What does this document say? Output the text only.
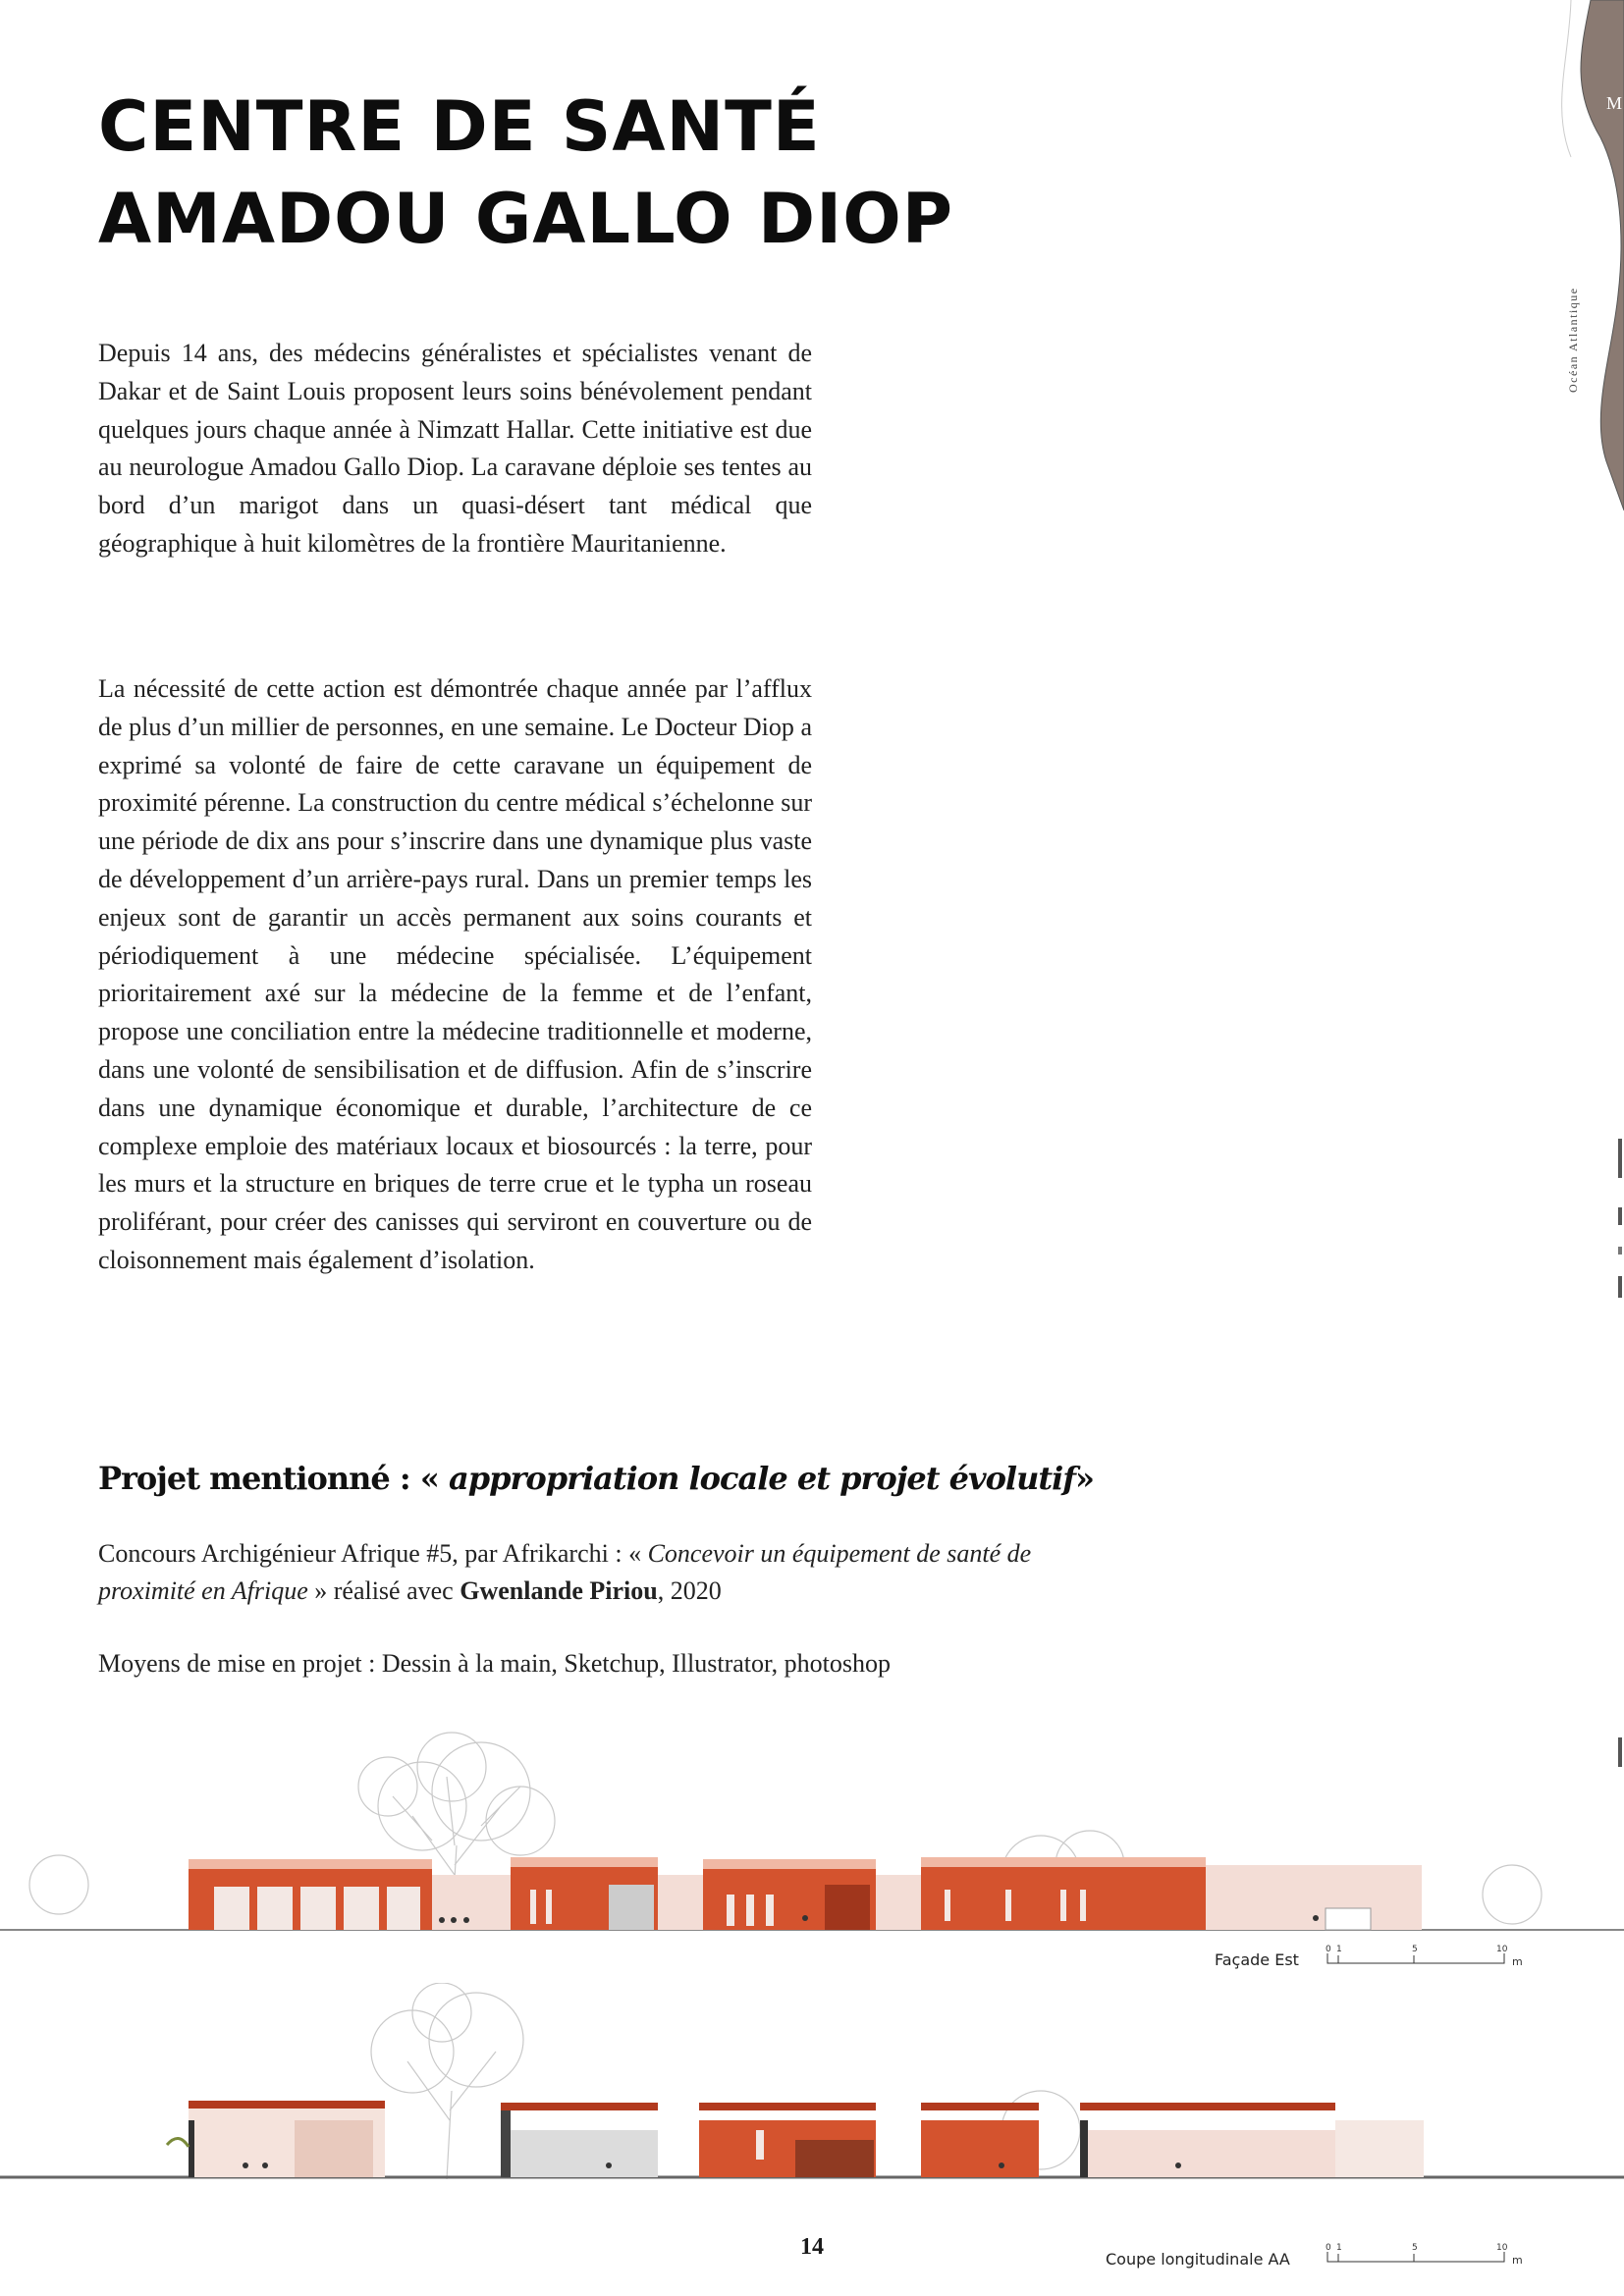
M
Océan Atlantique
CENTRE DE SANTÉ
AMADOU GALLO DIOP

Depuis 14 ans, des médecins généralistes et spécialistes venant de Dakar et de Saint Louis proposent leurs soins bénévolement pendant quelques jours chaque année à Nimzatt Hallar. Cette initiative est due au neurologue Amadou Gallo Diop. La caravane déploie ses tentes au bord d’un marigot dans un quasi-désert tant médical que géographique à huit kilomètres de la frontière Mauritanienne.

La nécessité de cette action est démontrée chaque année par l’afflux de plus d’un millier de personnes, en une semaine. Le Docteur Diop a exprimé sa volonté de faire de cette caravane un équipement de proximité pérenne. La construction du centre médical s’échelonne sur une période de dix ans pour s’inscrire dans une dynamique plus vaste de développement d’un arrière-pays rural. Dans un premier temps les enjeux sont de garantir un accès permanent aux soins courants et périodiquement à une médecine spécialisée. L’équipement prioritairement axé sur la médecine de la femme et de l’enfant, propose une conciliation entre la médecine traditionnelle et moderne, dans une volonté de sensibilisation et de diffusion. Afin de s’inscrire dans une dynamique économique et durable, l’architecture de ce complexe emploie des matériaux locaux et biosourcés : la terre, pour les murs et la structure en briques de terre crue et le typha un roseau proliférant, pour créer des canisses qui serviront en couverture ou de cloisonnement mais également d’isolation.

Projet mentionné : « appropriation locale et projet évolutif»

Concours Archigénieur Afrique #5, par Afrikarchi : « Concevoir un équipement de santé de proximité en Afrique » réalisé avec Gwenlande Piriou, 2020

Moyens de mise en projet : Dessin à la main, Sketchup, Illustrator, photoshop

Façade Est
0 1	5	10
m
Coupe longitudinale AA
0 1	5	10
m
14
